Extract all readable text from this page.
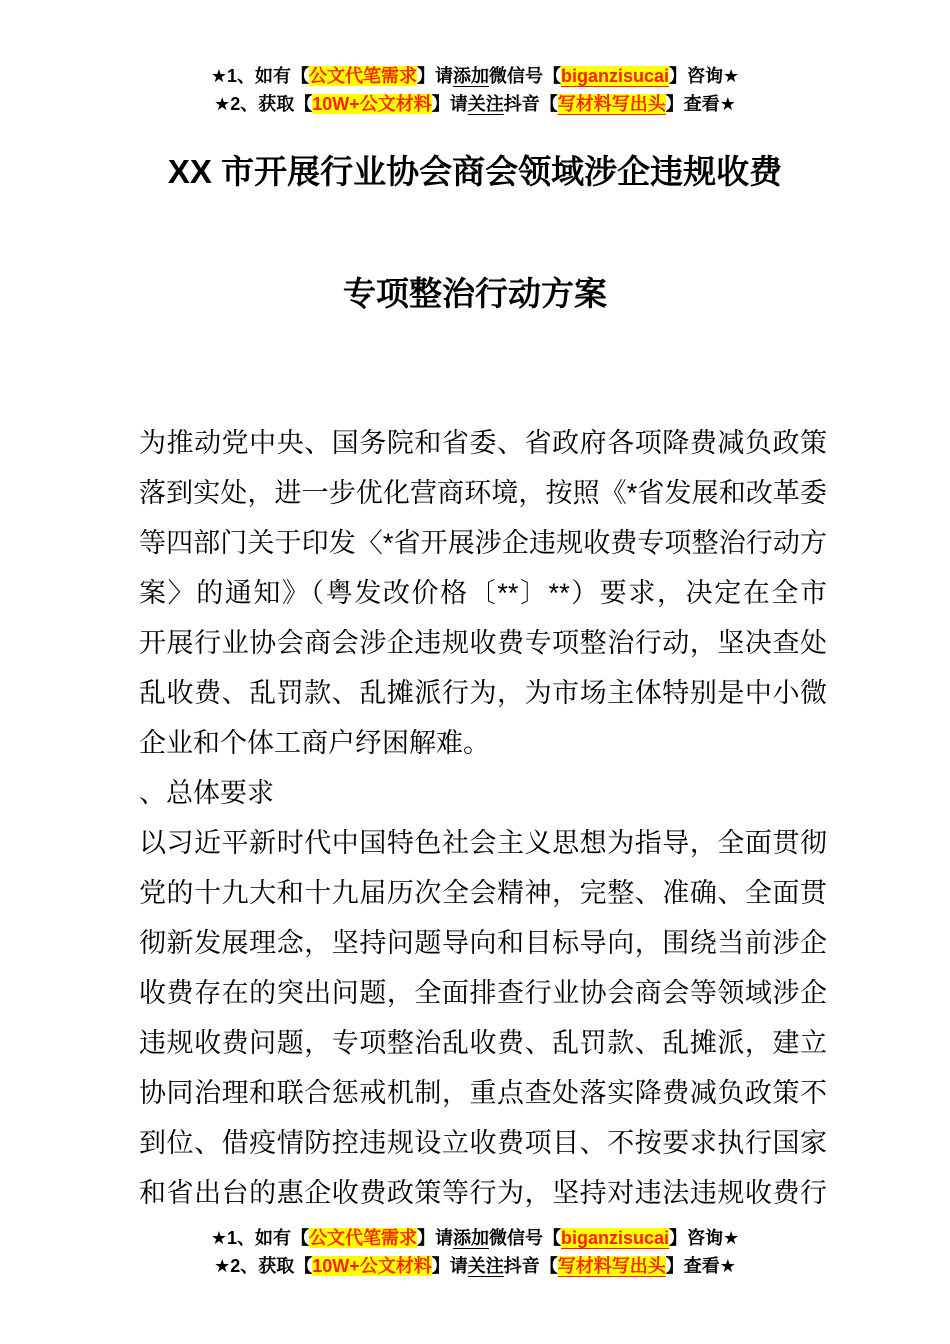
★1、如有【公文代笔需求】请添加微信号【biganzisucai】咨询★
★2、获取【10W+公文材料】请关注抖音【写材料写出头】查看★
XX 市开展行业协会商会领域涉企违规收费
专项整治行动方案
为推动党中央、国务院和省委、省政府各项降费减负政策
落到实处，进一步优化营商环境，按照《*省发展和改革委
等四部门关于印发〈*省开展涉企违规收费专项整治行动方
案〉的通知》（粤发改价格〔**〕**）要求，决定在全市
开展行业协会商会涉企违规收费专项整治行动，坚决查处
乱收费、乱罚款、乱摊派行为，为市场主体特别是中小微
企业和个体工商户纾困解难。
、总体要求
以习近平新时代中国特色社会主义思想为指导，全面贯彻
党的十九大和十九届历次全会精神，完整、准确、全面贯
彻新发展理念，坚持问题导向和目标导向，围绕当前涉企
收费存在的突出问题，全面排查行业协会商会等领域涉企
违规收费问题，专项整治乱收费、乱罚款、乱摊派，建立
协同治理和联合惩戒机制，重点查处落实降费减负政策不
到位、借疫情防控违规设立收费项目、不按要求执行国家
和省出台的惠企收费政策等行为，坚持对违法违规收费行
★1、如有【公文代笔需求】请添加微信号【biganzisucai】咨询★
★2、获取【10W+公文材料】请关注抖音【写材料写出头】查看★
